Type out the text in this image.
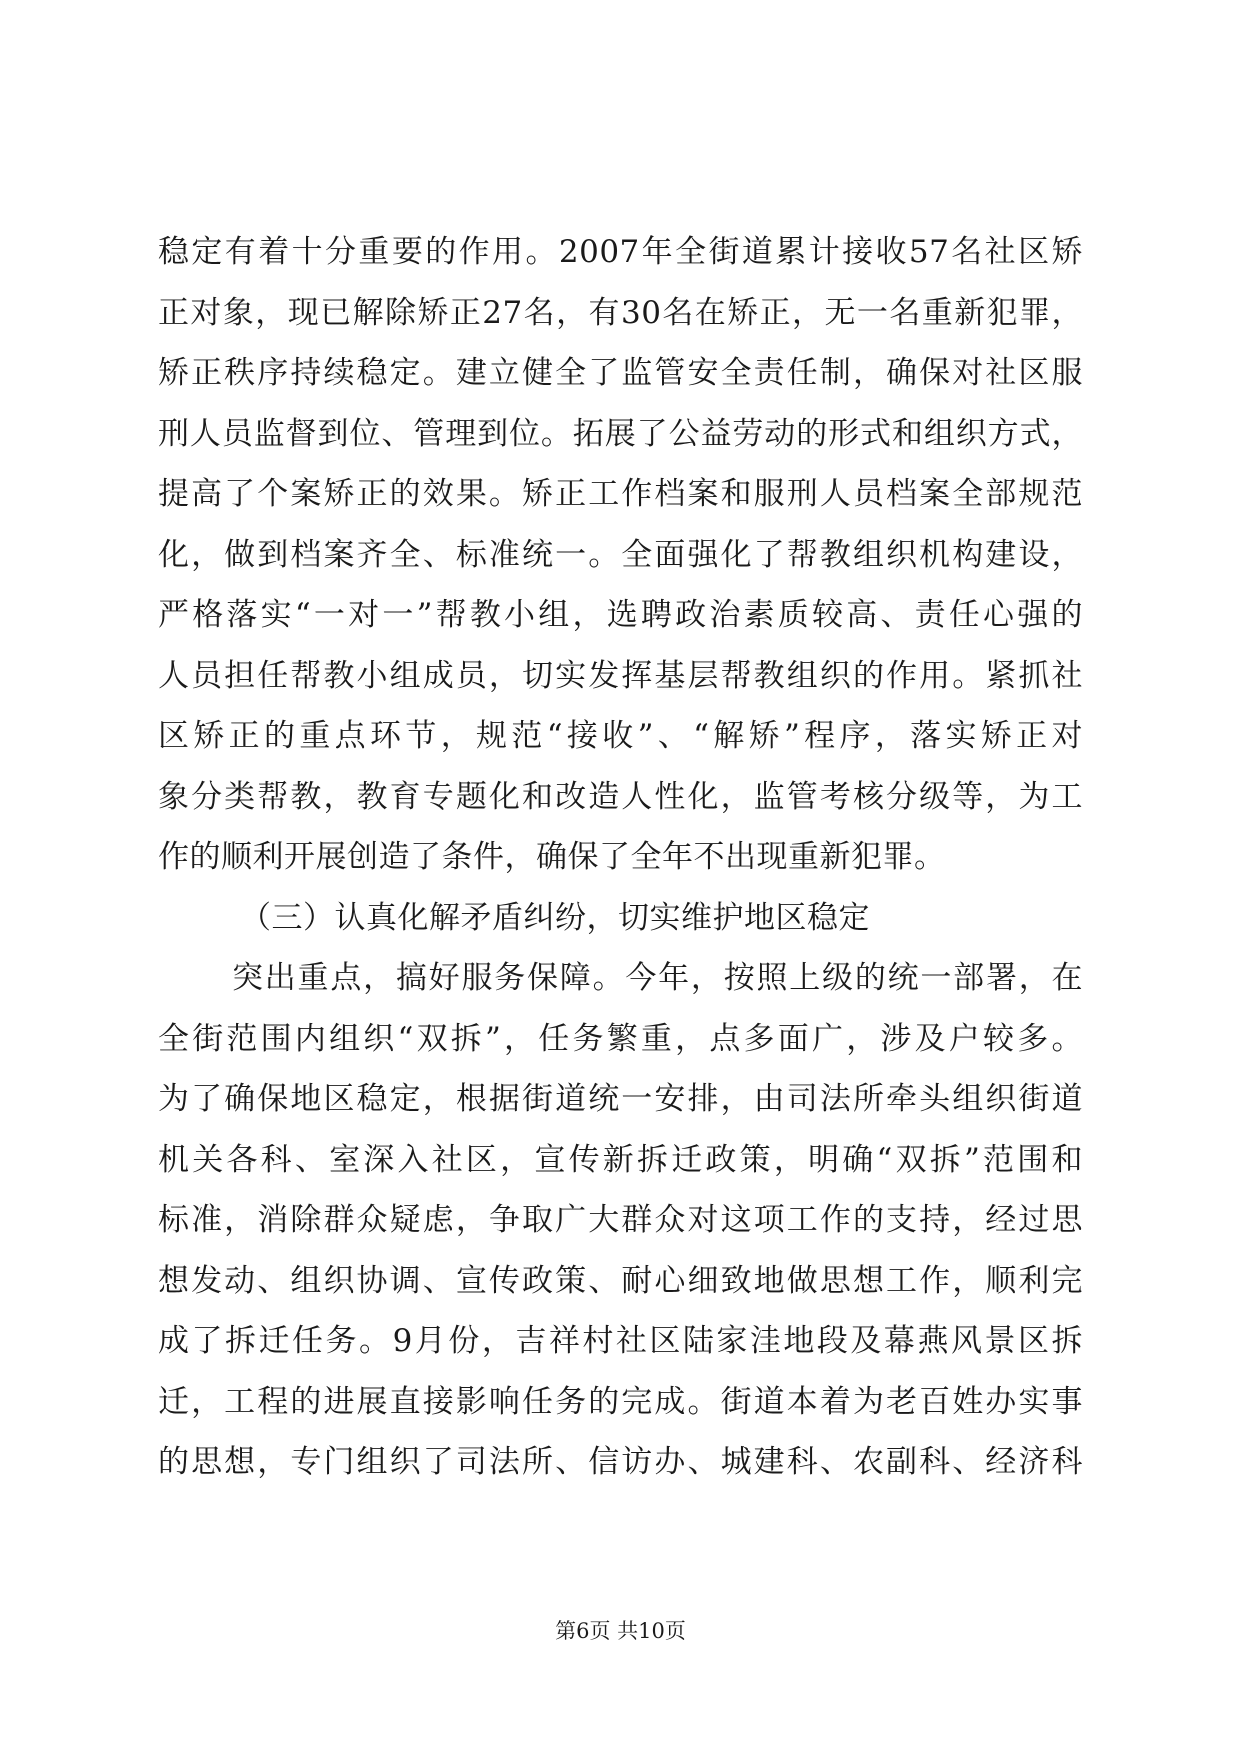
稳定有着十分重要的作用。2007年全街道累计接收57名社区矫
正对象，现已解除矫正27名，有30名在矫正，无一名重新犯罪，
矫正秩序持续稳定。建立健全了监管安全责任制，确保对社区服
刑人员监督到位、管理到位。拓展了公益劳动的形式和组织方式，
提高了个案矫正的效果。矫正工作档案和服刑人员档案全部规范
化，做到档案齐全、标准统一。全面强化了帮教组织机构建设，
严格落实“一对一”帮教小组，选聘政治素质较高、责任心强的
人员担任帮教小组成员，切实发挥基层帮教组织的作用。紧抓社
区矫正的重点环节，规范“接收”、“解矫”程序，落实矫正对
象分类帮教，教育专题化和改造人性化，监管考核分级等，为工
作的顺利开展创造了条件，确保了全年不出现重新犯罪。
（三）认真化解矛盾纠纷，切实维护地区稳定
突出重点，搞好服务保障。今年，按照上级的统一部署，在
全街范围内组织“双拆”，任务繁重，点多面广，涉及户较多。
为了确保地区稳定，根据街道统一安排，由司法所牵头组织街道
机关各科、室深入社区，宣传新拆迁政策，明确“双拆”范围和
标准，消除群众疑虑，争取广大群众对这项工作的支持，经过思
想发动、组织协调、宣传政策、耐心细致地做思想工作，顺利完
成了拆迁任务。9月份，吉祥村社区陆家洼地段及幕燕风景区拆
迁，工程的进展直接影响任务的完成。街道本着为老百姓办实事
的思想，专门组织了司法所、信访办、城建科、农副科、经济科
第6页 共10页
